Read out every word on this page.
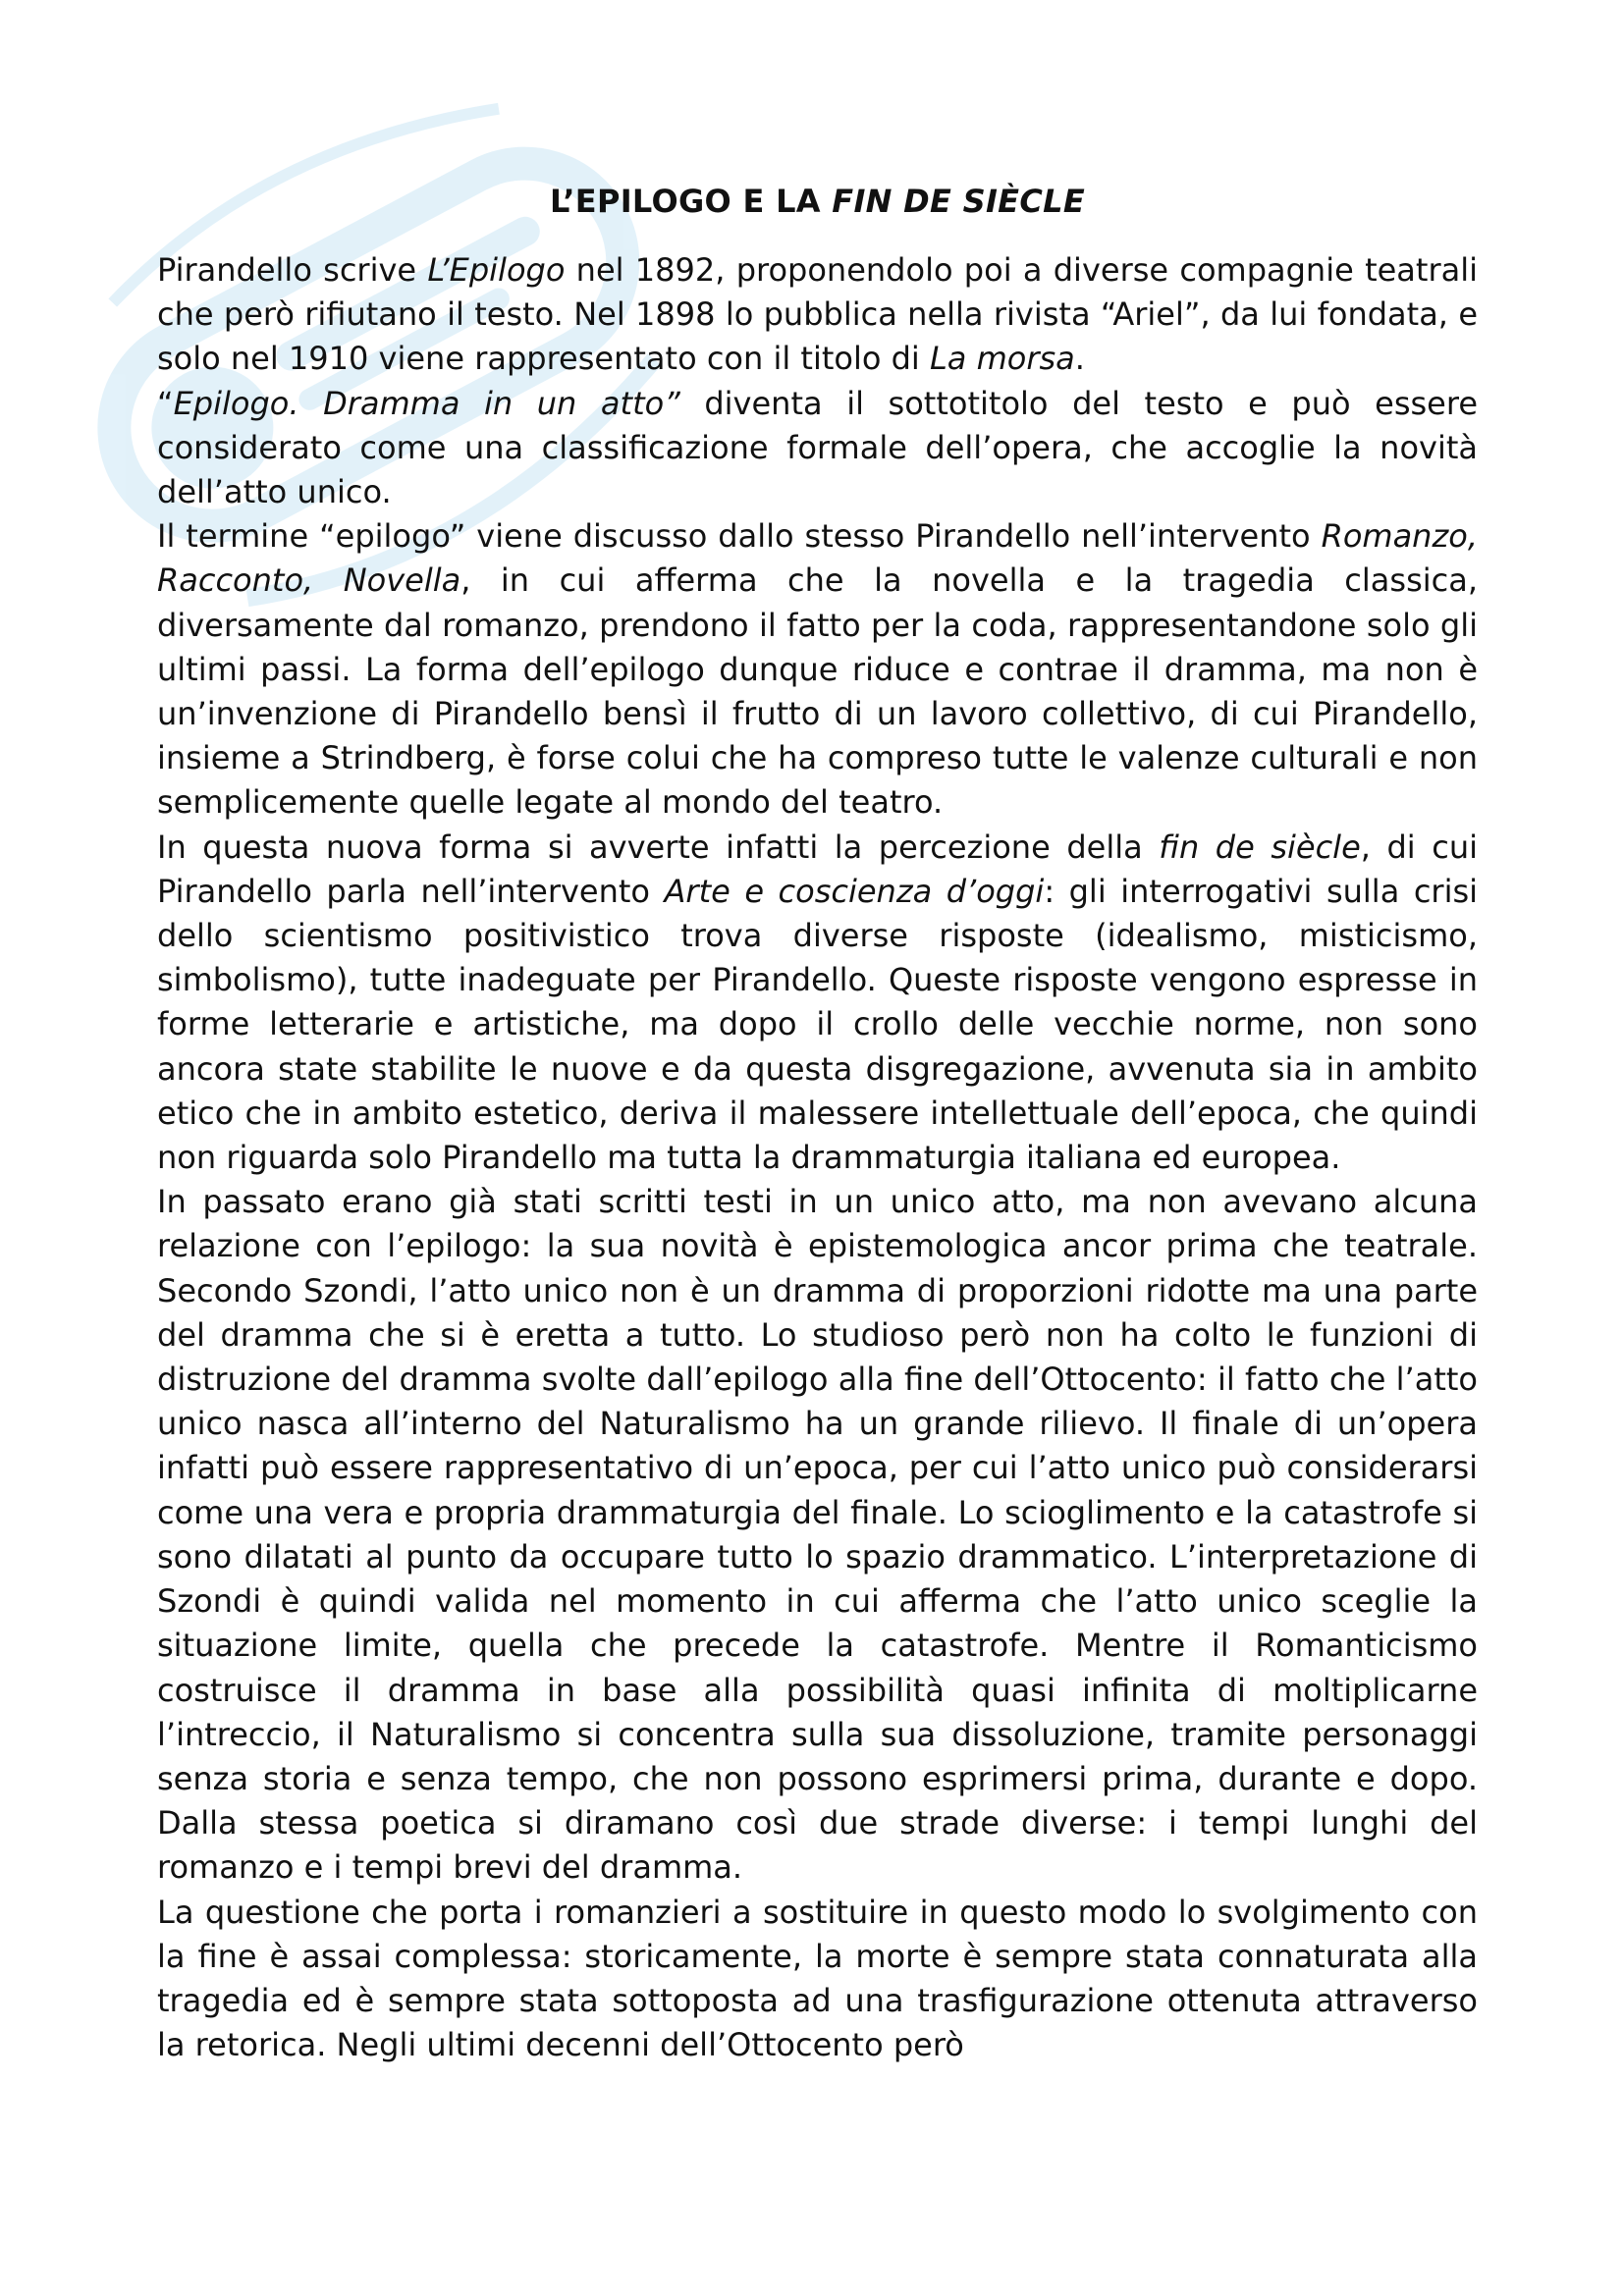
L’EPILOGO E LA FIN DE SIÈCLE

Pirandello scrive L’Epilogo nel 1892, proponendolo poi a diverse compagnie teatrali che però rifiutano il testo. Nel 1898 lo pubblica nella rivista “Ariel”, da lui fondata, e solo nel 1910 viene rappresentato con il titolo di La morsa.

“Epilogo. Dramma in un atto” diventa il sottotitolo del testo e può essere considerato come una classificazione formale dell’opera, che accoglie la novità dell’atto unico.

Il termine “epilogo” viene discusso dallo stesso Pirandello nell’intervento Romanzo, Racconto, Novella, in cui afferma che la novella e la tragedia classica, diversamente dal romanzo, prendono il fatto per la coda, rappresentandone solo gli ultimi passi. La forma dell’epilogo dunque riduce e contrae il dramma, ma non è un’invenzione di Pirandello bensì il frutto di un lavoro collettivo, di cui Pirandello, insieme a Strindberg, è forse colui che ha compreso tutte le valenze culturali e non semplicemente quelle legate al mondo del teatro.

In questa nuova forma si avverte infatti la percezione della fin de siècle, di cui Pirandello parla nell’intervento Arte e coscienza d’oggi: gli interrogativi sulla crisi dello scientismo positivistico trova diverse risposte (idealismo, misticismo, simbolismo), tutte inadeguate per Pirandello. Queste risposte vengono espresse in forme letterarie e artistiche, ma dopo il crollo delle vecchie norme, non sono ancora state stabilite le nuove e da questa disgregazione, avvenuta sia in ambito etico che in ambito estetico, deriva il malessere intellettuale dell’epoca, che quindi non riguarda solo Pirandello ma tutta la drammaturgia italiana ed europea.

In passato erano già stati scritti testi in un unico atto, ma non avevano alcuna relazione con l’epilogo: la sua novità è epistemologica ancor prima che teatrale. Secondo Szondi, l’atto unico non è un dramma di proporzioni ridotte ma una parte del dramma che si è eretta a tutto. Lo studioso però non ha colto le funzioni di distruzione del dramma svolte dall’epilogo alla fine dell’Ottocento: il fatto che l’atto unico nasca all’interno del Naturalismo ha un grande rilievo. Il finale di un’opera infatti può essere rappresentativo di un’epoca, per cui l’atto unico può considerarsi come una vera e propria drammaturgia del finale. Lo scioglimento e la catastrofe si sono dilatati al punto da occupare tutto lo spazio drammatico. L’interpretazione di Szondi è quindi valida nel momento in cui afferma che l’atto unico sceglie la situazione limite, quella che precede la catastrofe. Mentre il Romanticismo costruisce il dramma in base alla possibilità quasi infinita di moltiplicarne l’intreccio, il Naturalismo si concentra sulla sua dissoluzione, tramite personaggi senza storia e senza tempo, che non possono esprimersi prima, durante e dopo. Dalla stessa poetica si diramano così due strade diverse: i tempi lunghi del romanzo e i tempi brevi del dramma.

La questione che porta i romanzieri a sostituire in questo modo lo svolgimento con la fine è assai complessa: storicamente, la morte è sempre stata connaturata alla tragedia ed è sempre stata sottoposta ad una trasfigurazione ottenuta attraverso la retorica. Negli ultimi decenni dell’Ottocento però
